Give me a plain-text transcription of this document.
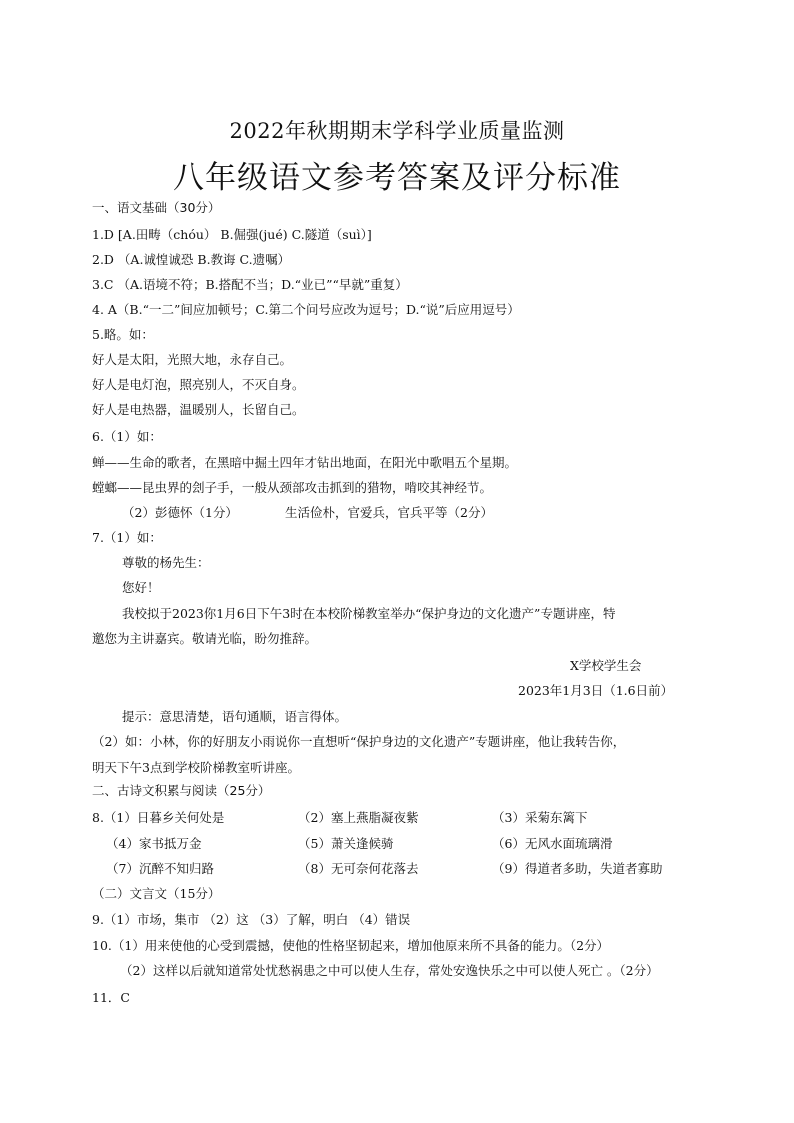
2022年秋期期末学科学业质量监测
八年级语文参考答案及评分标准
一、语文基础（30分）
1.D [A.田畴（chóu） B.倔强(jué) C.隧道（suì）]
2.D （A.诚惶诚恐 B.教诲 C.遗嘱）
3.C （A.语境不符；B.搭配不当；D.“业已”“早就”重复）
4. A（B.“一二”间应加顿号；C.第二个问号应改为逗号；D.“说”后应用逗号）
5.略。如：
好人是太阳，光照大地，永存自己。
好人是电灯泡，照亮别人，不灭自身。
好人是电热器，温暖别人，长留自己。
6.（1）如：
蝉——生命的歌者，在黑暗中掘土四年才钻出地面，在阳光中歌唱五个星期。
螳螂——昆虫界的刽子手，一般从颈部攻击抓到的猎物，啃咬其神经节。
（2）彭德怀（1分）	生活俭朴，官爱兵，官兵平等（2分）
7.（1）如：
尊敬的杨先生：
您好！
我校拟于2023你1月6日下午3时在本校阶梯教室举办“保护身边的文化遗产”专题讲座，特
邀您为主讲嘉宾。敬请光临，盼勿推辞。
X学校学生会
2023年1月3日（1.6日前）
提示：意思清楚，语句通顺，语言得体。
（2）如：小林，你的好朋友小雨说你一直想听“保护身边的文化遗产”专题讲座，他让我转告你，
明天下午3点到学校阶梯教室听讲座。
二、古诗文积累与阅读（25分）
8.（1）日暮乡关何处是	（2）塞上燕脂凝夜紫	（3）采菊东篱下
（4）家书抵万金	（5）萧关逢候骑	（6）无风水面琉璃滑
（7）沉醉不知归路	（8）无可奈何花落去	（9）得道者多助，失道者寡助
（二）文言文（15分）
9.（1）市场，集市 （2）这 （3）了解，明白 （4）错误
10.（1）用来使他的心受到震撼，使他的性格坚韧起来，增加他原来所不具备的能力。（2分）
（2）这样以后就知道常处忧愁祸患之中可以使人生存，常处安逸快乐之中可以使人死亡 。（2分）
11．C
